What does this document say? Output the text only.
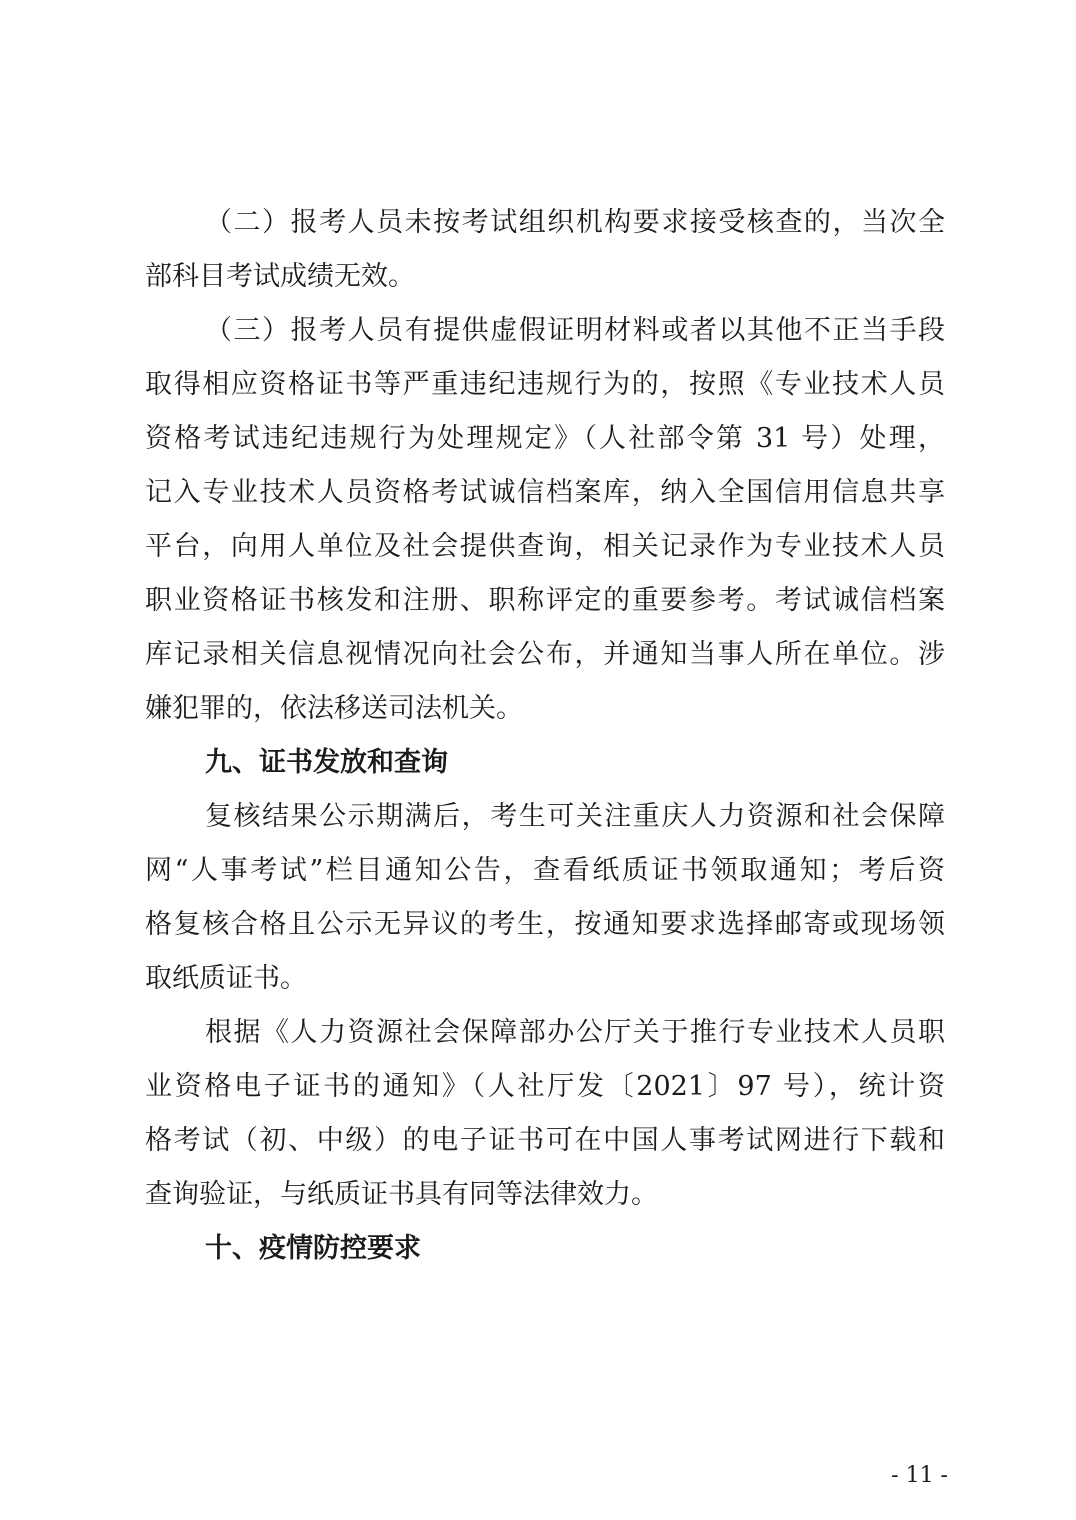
（二）报考人员未按考试组织机构要求接受核查的，当次全
部科目考试成绩无效。
（三）报考人员有提供虚假证明材料或者以其他不正当手段
取得相应资格证书等严重违纪违规行为的，按照《专业技术人员
资格考试违纪违规行为处理规定》（人社部令第 31 号）处理，
记入专业技术人员资格考试诚信档案库，纳入全国信用信息共享
平台，向用人单位及社会提供查询，相关记录作为专业技术人员
职业资格证书核发和注册、职称评定的重要参考。考试诚信档案
库记录相关信息视情况向社会公布，并通知当事人所在单位。涉
嫌犯罪的，依法移送司法机关。
九、证书发放和查询
复核结果公示期满后，考生可关注重庆人力资源和社会保障
网“人事考试”栏目通知公告，查看纸质证书领取通知；考后资
格复核合格且公示无异议的考生，按通知要求选择邮寄或现场领
取纸质证书。
根据《人力资源社会保障部办公厅关于推行专业技术人员职
业资格电子证书的通知》（人社厅发〔2021〕97 号），统计资
格考试（初、中级）的电子证书可在中国人事考试网进行下载和
查询验证，与纸质证书具有同等法律效力。
十、疫情防控要求
- 11 -
